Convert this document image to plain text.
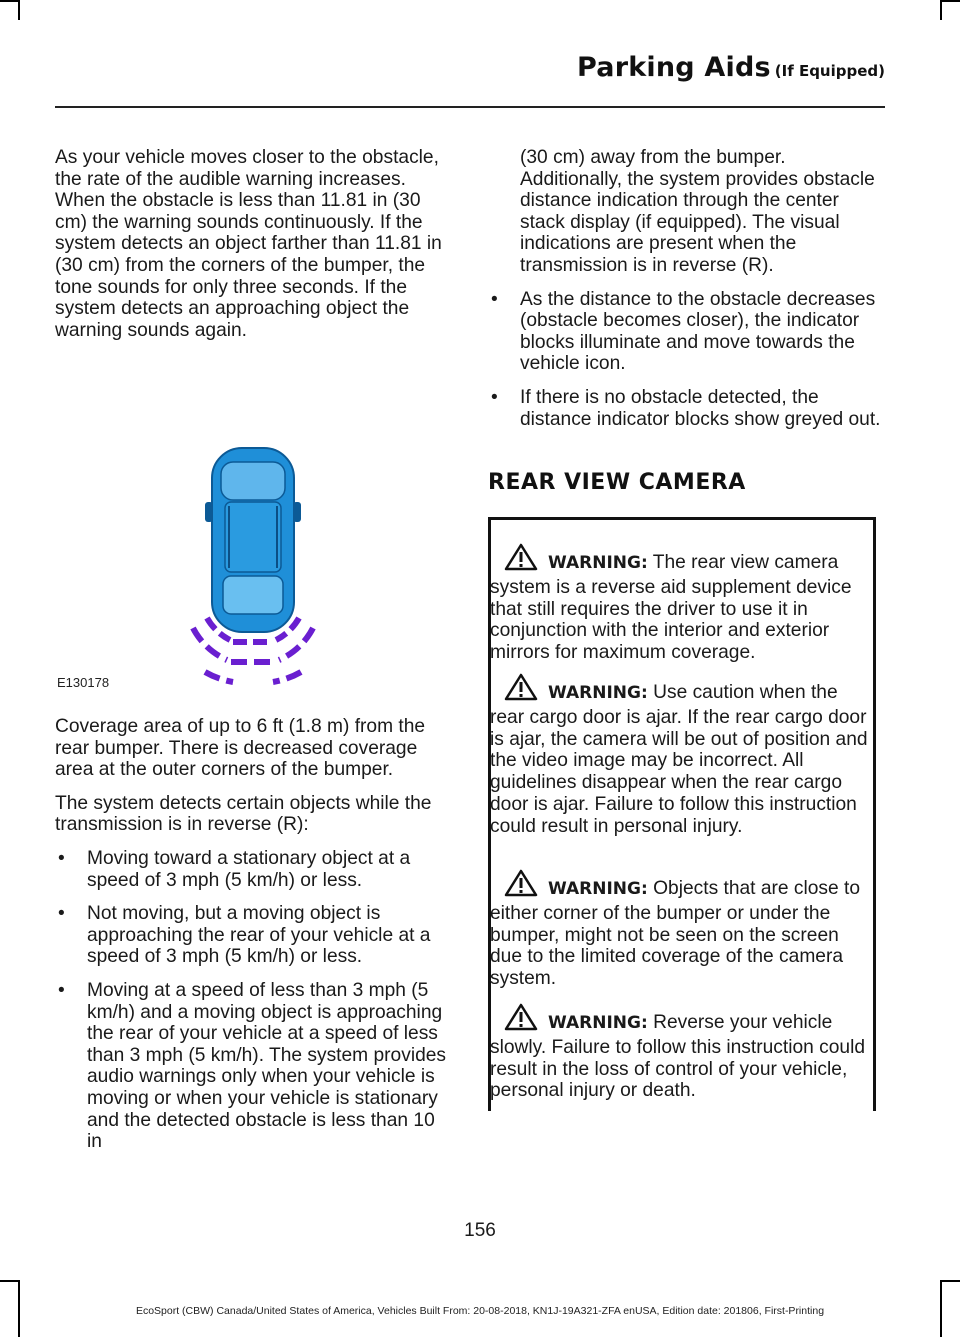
Parking Aids (If Equipped)

As your vehicle moves closer to the obstacle, the rate of the audible warning increases. When the obstacle is less than 11.81 in (30 cm) the warning sounds continuously. If the system detects an object farther than 11.81 in (30 cm) from the corners of the bumper, the tone sounds for only three seconds. If the system detects an approaching object the warning sounds again.

E130178

Coverage area of up to 6 ft (1.8 m) from the rear bumper. There is decreased coverage area at the outer corners of the bumper.

The system detects certain objects while the transmission is in reverse (R):

• Moving toward a stationary object at a speed of 3 mph (5 km/h) or less.
• Not moving, but a moving object is approaching the rear of your vehicle at a speed of 3 mph (5 km/h) or less.
• Moving at a speed of less than 3 mph (5 km/h) and a moving object is approaching the rear of your vehicle at a speed of less than 3 mph (5 km/h). The system provides audio warnings only when your vehicle is moving or when your vehicle is stationary and the detected obstacle is less than 10 in
(30 cm) away from the bumper. Additionally, the system provides obstacle distance indication through the center stack display (if equipped). The visual indications are present when the transmission is in reverse (R).
• As the distance to the obstacle decreases (obstacle becomes closer), the indicator blocks illuminate and move towards the vehicle icon.
• If there is no obstacle detected, the distance indicator blocks show greyed out.
REAR VIEW CAMERA
WARNING: The rear view camera system is a reverse aid supplement device that still requires the driver to use it in conjunction with the interior and exterior mirrors for maximum coverage.
WARNING: Use caution when the rear cargo door is ajar. If the rear cargo door is ajar, the camera will be out of position and the video image may be incorrect. All guidelines disappear when the rear cargo door is ajar. Failure to follow this instruction could result in personal injury.
WARNING: Objects that are close to either corner of the bumper or under the bumper, might not be seen on the screen due to the limited coverage of the camera system.
WARNING: Reverse your vehicle slowly. Failure to follow this instruction could result in the loss of control of your vehicle, personal injury or death.
156
EcoSport (CBW) Canada/United States of America, Vehicles Built From: 20-08-2018, KN1J-19A321-ZFA enUSA, Edition date: 201806, First-Printing
